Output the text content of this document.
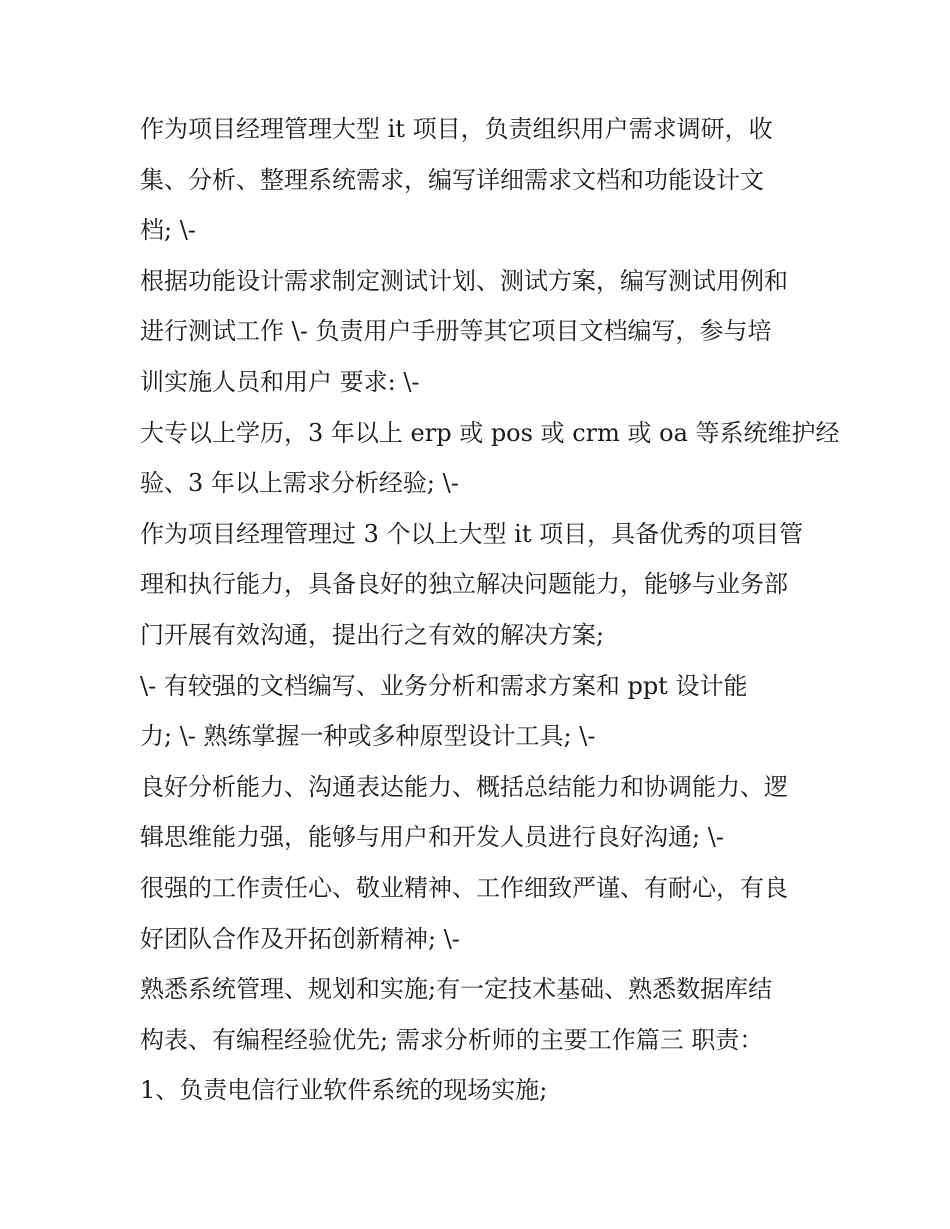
作为项目经理管理大型 it 项目，负责组织用户需求调研，收
集、分析、整理系统需求，编写详细需求文档和功能设计文
档; \-
根据功能设计需求制定测试计划、测试方案，编写测试用例和
进行测试工作 \- 负责用户手册等其它项目文档编写，参与培
训实施人员和用户 要求: \-
大专以上学历，3 年以上 erp 或 pos 或 crm 或 oa 等系统维护经
验、3 年以上需求分析经验; \-
作为项目经理管理过 3 个以上大型 it 项目，具备优秀的项目管
理和执行能力，具备良好的独立解决问题能力，能够与业务部
门开展有效沟通，提出行之有效的解决方案;
\- 有较强的文档编写、业务分析和需求方案和 ppt 设计能
力; \- 熟练掌握一种或多种原型设计工具; \-
良好分析能力、沟通表达能力、概括总结能力和协调能力、逻
辑思维能力强，能够与用户和开发人员进行良好沟通; \-
很强的工作责任心、敬业精神、工作细致严谨、有耐心，有良
好团队合作及开拓创新精神; \-
熟悉系统管理、规划和实施;有一定技术基础、熟悉数据库结
构表、有编程经验优先; 需求分析师的主要工作篇三 职责：
1、负责电信行业软件系统的现场实施;
